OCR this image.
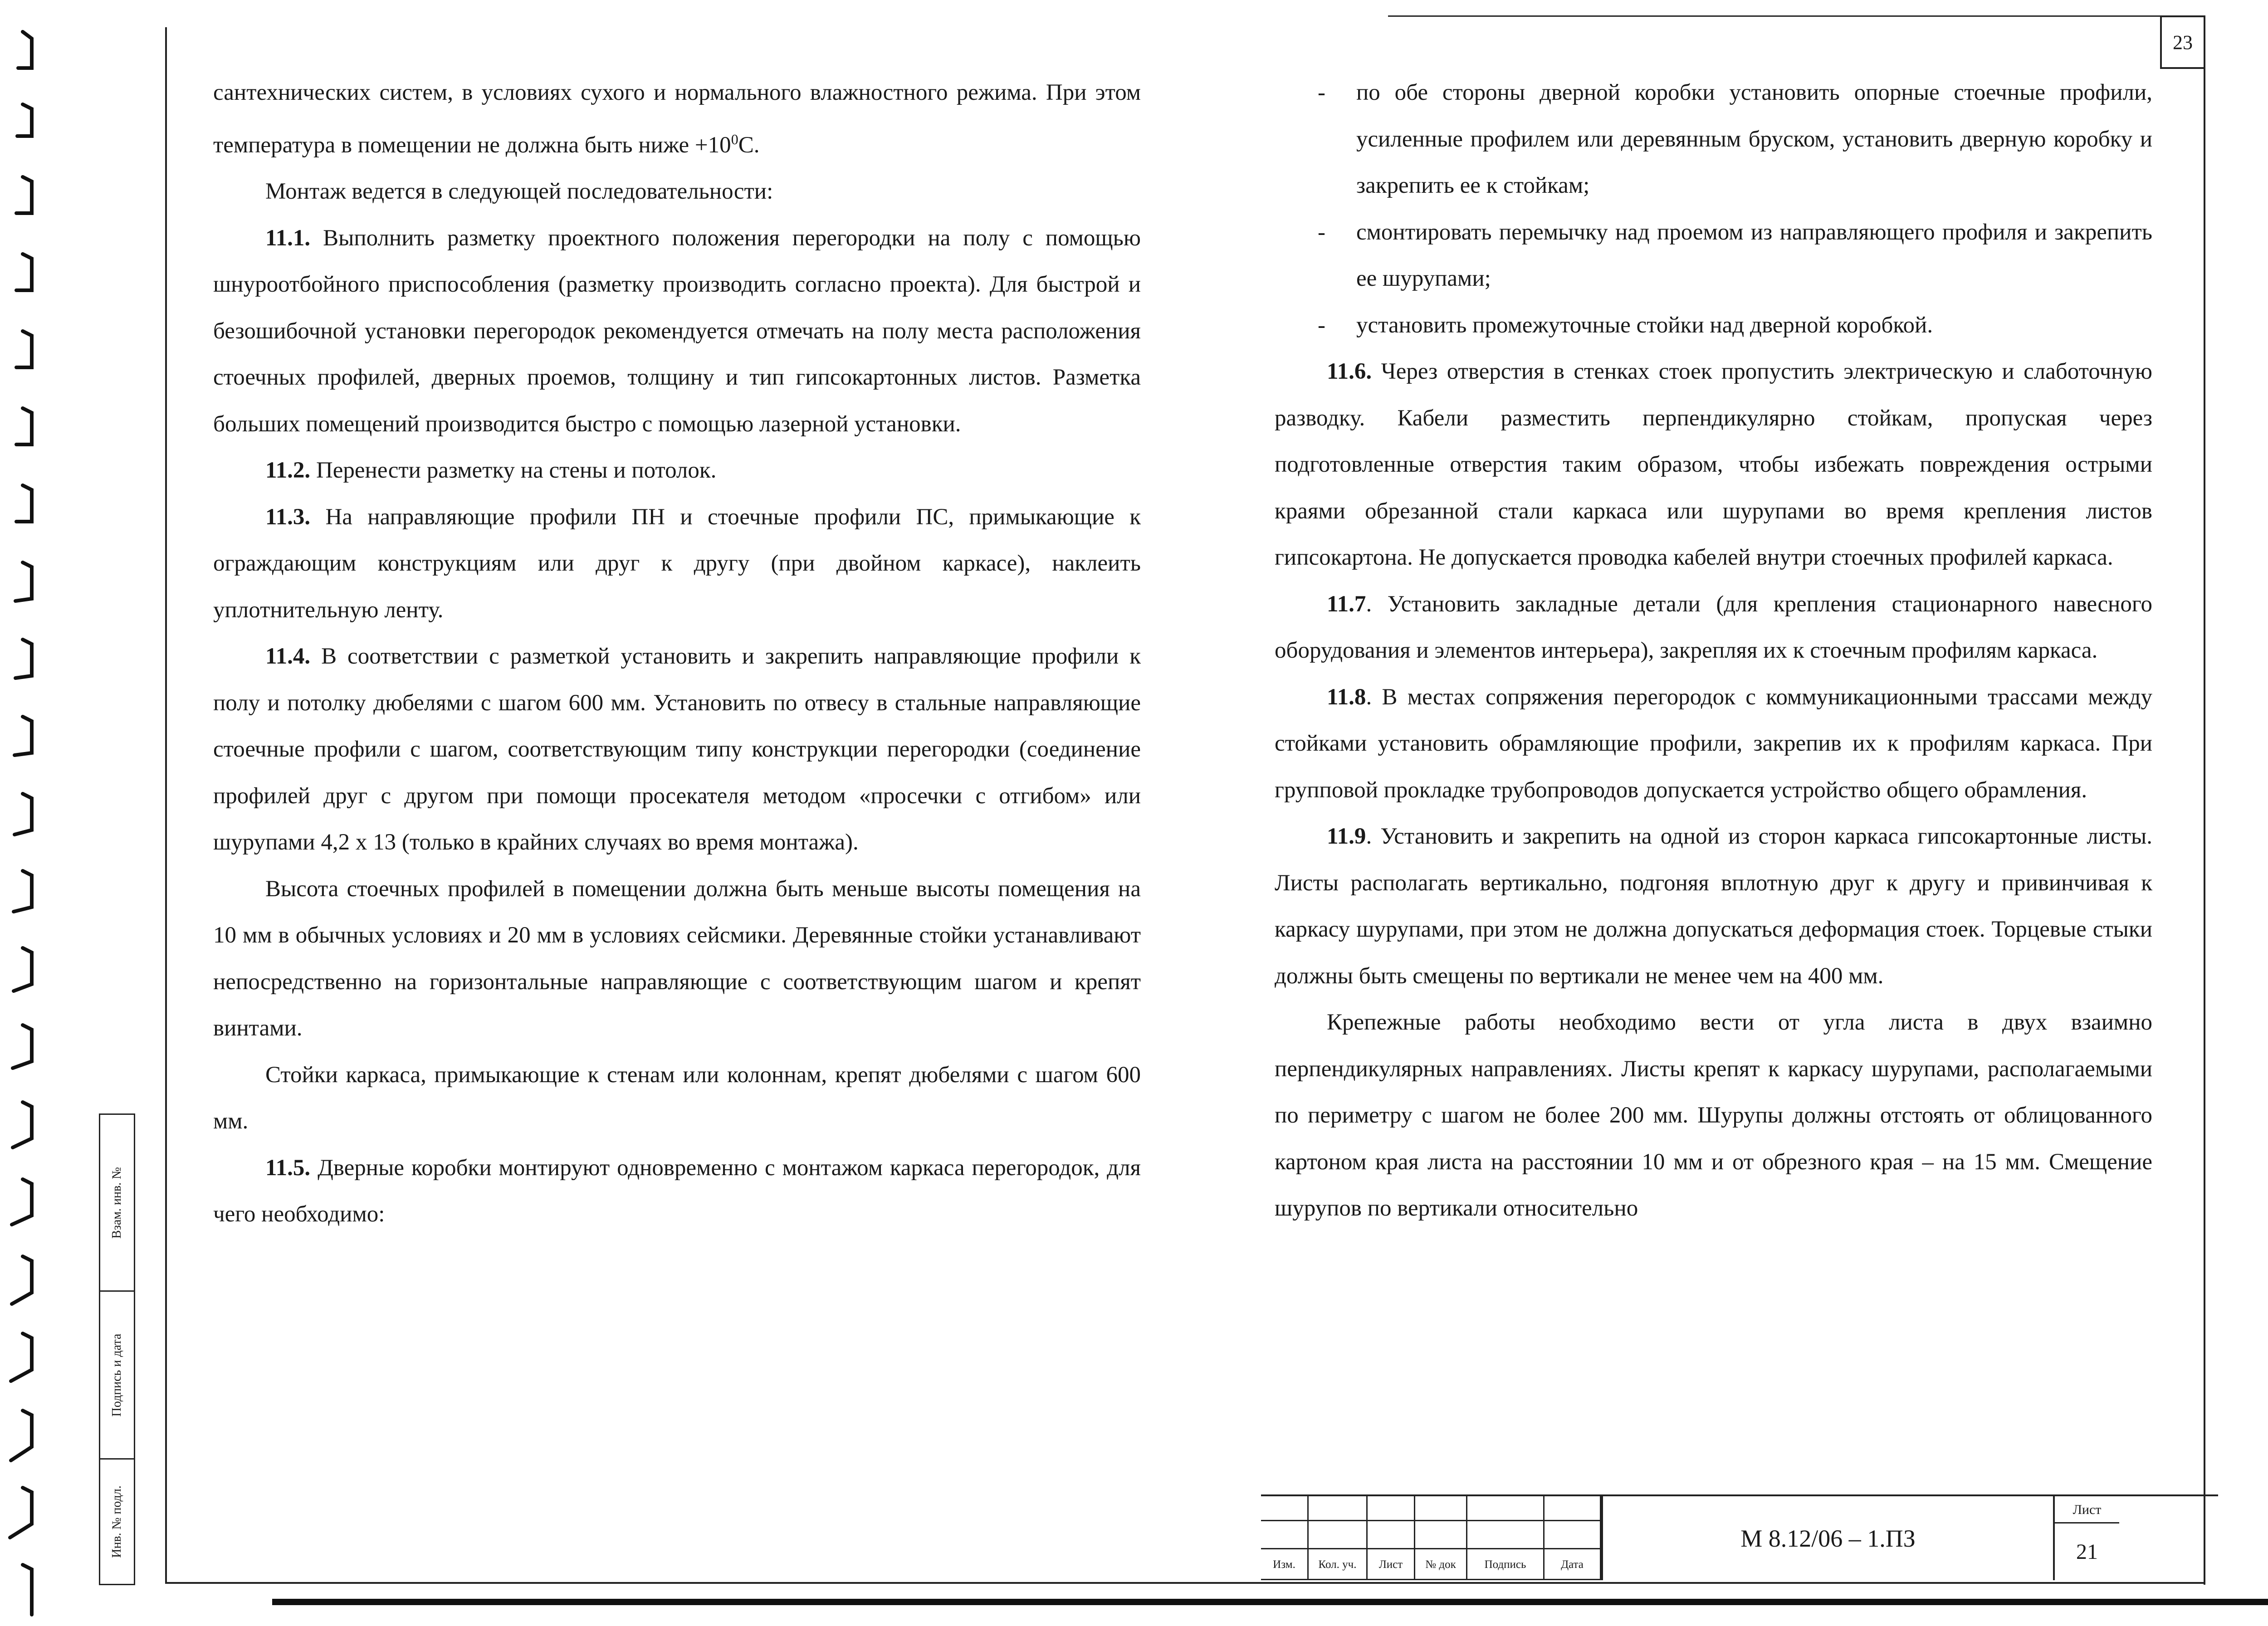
23

сантехнических систем, в условиях сухого и нормального влажностного режима. При этом температура в помещении не должна быть ниже $+10^0С$.

Монтаж ведется в следующей последовательности:

11.1. Выполнить разметку проектного положения перегородки на полу с помощью шнуроотбойного приспособления (разметку производить согласно проекта). Для быстрой и безошибочной установки перегородок рекомендуется отмечать на полу места расположения стоечных профилей, дверных проемов, толщину и тип гипсокартонных листов. Разметка больших помещений производится быстро с помощью лазерной установки.

11.2. Перенести разметку на стены и потолок.

11.3. На направляющие профили ПН и стоечные профили ПС, примыкающие к ограждающим конструкциям или друг к другу (при двойном каркасе), наклеить уплотнительную ленту.

11.4. В соответствии с разметкой установить и закрепить направляющие профили к полу и потолку дюбелями с шагом 600 мм. Установить по отвесу в стальные направляющие стоечные профили с шагом, соответствующим типу конструкции перегородки (соединение профилей друг с другом при помощи просекателя методом «просечки с отгибом» или шурупами 4,2 х 13 (только в крайних случаях во время монтажа).

Высота стоечных профилей в помещении должна быть меньше высоты помещения на 10 мм в обычных условиях и 20 мм в условиях сейсмики. Деревянные стойки устанавливают непосредственно на горизонтальные направляющие с соответствующим шагом и крепят винтами.

Стойки каркаса, примыкающие к стенам или колоннам, крепят дюбелями с шагом 600 мм.

11.5. Дверные коробки монтируют одновременно с монтажом каркаса перегородок, для чего необходимо:

- по обе стороны дверной коробки установить опорные стоечные профили, усиленные профилем или деревянным бруском, установить дверную коробку и закрепить ее к стойкам;

- смонтировать перемычку над проемом из направляющего профиля и закрепить ее шурупами;

- установить промежуточные стойки над дверной коробкой.

11.6. Через отверстия в стенках стоек пропустить электрическую и слаботочную разводку. Кабели разместить перпендикулярно стойкам, пропуская через подготовленные отверстия таким образом, чтобы избежать повреждения острыми краями обрезанной стали каркаса или шурупами во время крепления листов гипсокартона. Не допускается проводка кабелей внутри стоечных профилей каркаса.

11.7. Установить закладные детали (для крепления стационарного навесного оборудования и элементов интерьера), закрепляя их к стоечным профилям каркаса.

11.8. В местах сопряжения перегородок с коммуникационными трассами между стойками установить обрамляющие профили, закрепив их к профилям каркаса. При групповой прокладке трубопроводов допускается устройство общего обрамления.

11.9. Установить и закрепить на одной из сторон каркаса гипсокартонные листы. Листы располагать вертикально, подгоняя вплотную друг к другу и привинчивая к каркасу шурупами, при этом не должна допускаться деформация стоек. Торцевые стыки должны быть смещены по вертикали не менее чем на 400 мм.

Крепежные работы необходимо вести от угла листа в двух взаимно перпендикулярных направлениях. Листы крепят к каркасу шурупами, располагаемыми по периметру с шагом не более 200 мм. Шурупы должны отстоять от облицованного картоном края листа на расстоянии 10 мм и от обрезного края – на 15 мм. Смещение шурупов по вертикали относительно

Взам. инв. №
Подпись и дата
Инв. № подл.
Изм.	Кол. уч.	Лист	№ док	Подпись	Дата
М 8.12/06 – 1.ПЗ
Лист
21
